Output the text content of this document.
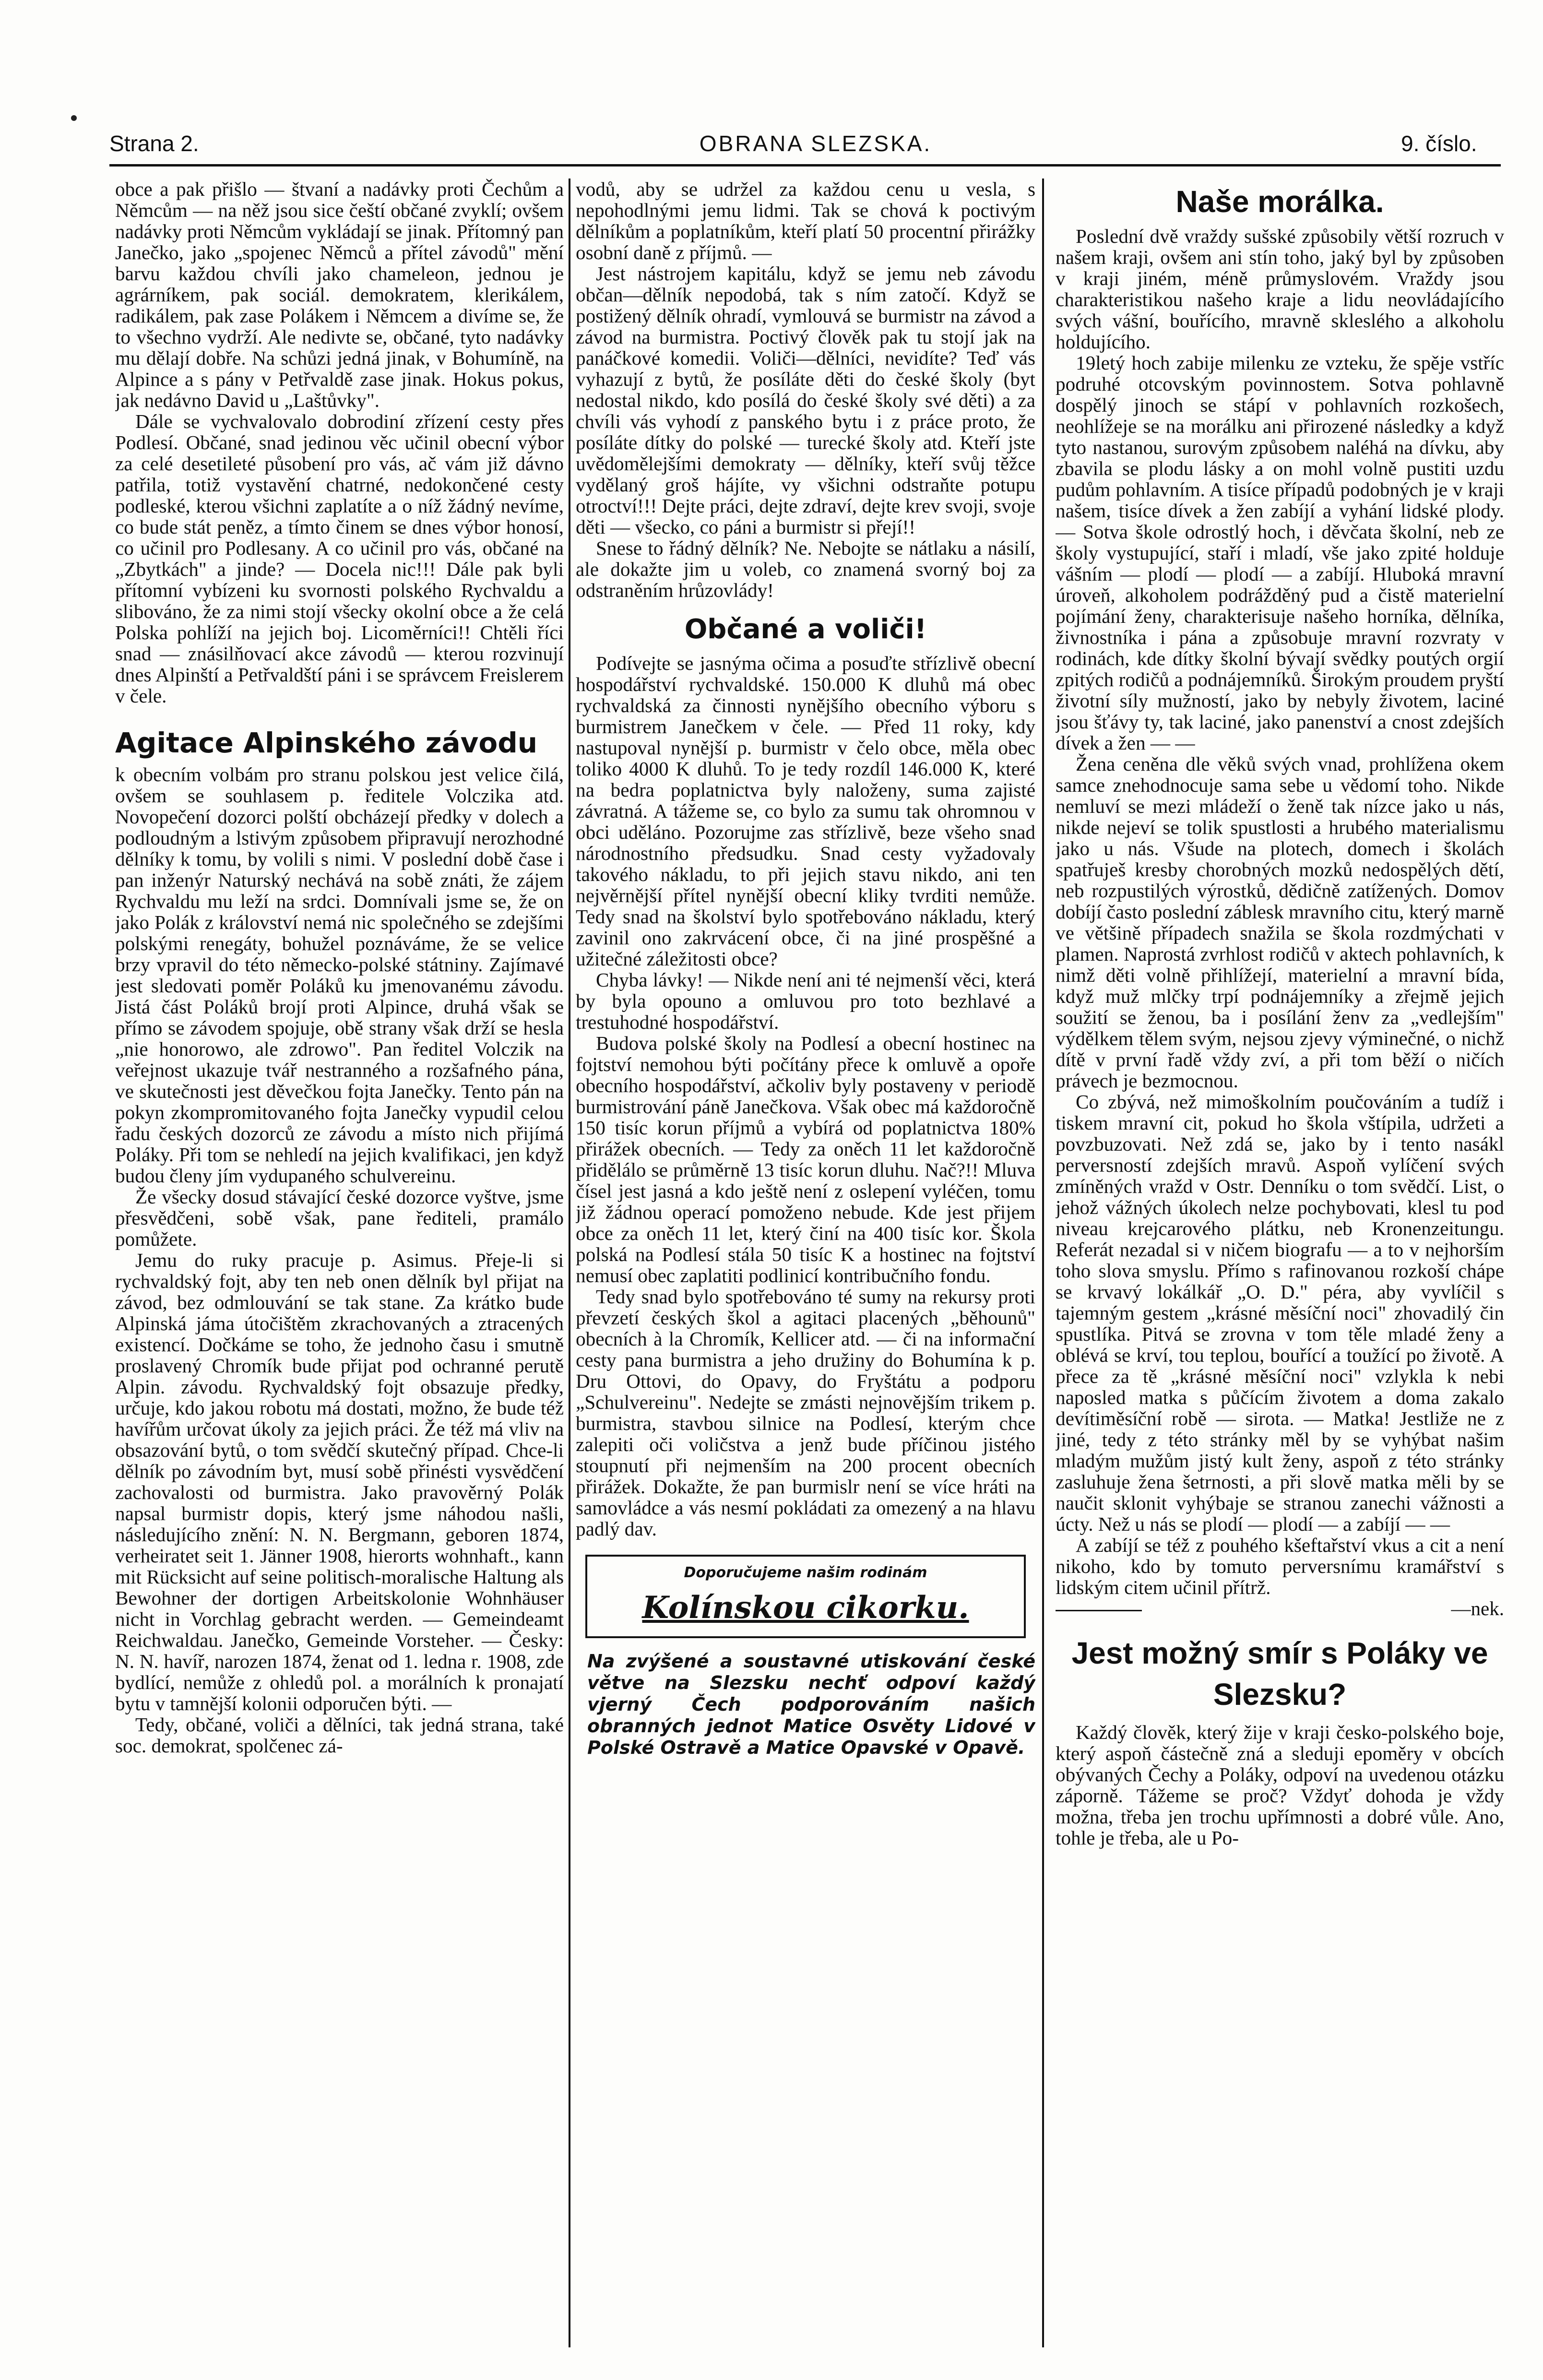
Strana 2.	OBRANA SLEZSKA.	9. číslo.

obce a pak přišlo — štvaní a nadávky proti Čechům a Němcům — na něž jsou sice čeští občané zvyklí; ovšem nadávky proti Němcům vykládají se jinak. Přítomný pan Janečko, jako „spojenec Němců a přítel závodů" mění barvu každou chvíli jako chameleon, jednou je agrárníkem, pak sociál. demokratem, klerikálem, radikálem, pak zase Polákem i Němcem a divíme se, že to všechno vydrží. Ale nedivte se, občané, tyto nadávky mu dělají dobře. Na schůzi jedná jinak, v Bohumíně, na Alpince a s pány v Petřvaldě zase jinak. Hokus pokus, jak nedávno David u „Laštůvky".

Dále se vychvalovalo dobrodiní zřízení cesty přes Podlesí. Občané, snad jedinou věc učinil obecní výbor za celé desetileté působení pro vás, ač vám již dávno patřila, totiž vystavění chatrné, nedokončené cesty podleské, kterou všichni zaplatíte a o níž žádný nevíme, co bude stát peněz, a tímto činem se dnes výbor honosí, co učinil pro Podlesany. A co učinil pro vás, občané na „Zbytkách" a jinde? — Docela nic!!! Dále pak byli přítomní vybízeni ku svornosti polského Rychvaldu a slibováno, že za nimi stojí všecky okolní obce a že celá Polska pohlíží na jejich boj. Licoměrníci!! Chtěli říci snad — znásilňovací akce závodů — kterou rozvinují dnes Alpinští a Petřvaldští páni i se správcem Freislerem v čele.

Agitace Alpinského závodu

k obecním volbám pro stranu polskou jest velice čilá, ovšem se souhlasem p. ředitele Volczika atd. Novopečení dozorci polští obcházejí předky v dolech a podloudným a lstivým způsobem připravují nerozhodné dělníky k tomu, by volili s nimi. V poslední době čase i pan inženýr Naturský nechává na sobě znáti, že zájem Rychvaldu mu leží na srdci. Domnívali jsme se, že on jako Polák z království nemá nic společného se zdejšími polskými renegáty, bohužel poznáváme, že se velice brzy vpravil do této německo-polské státniny. Zajímavé jest sledovati poměr Poláků ku jmenovanému závodu. Jistá část Poláků brojí proti Alpince, druhá však se přímo se závodem spojuje, obě strany však drží se hesla „nie honorowo, ale zdrowo". Pan ředitel Volczik na veřejnost ukazuje tvář nestranného a rozšafného pána, ve skutečnosti jest děvečkou fojta Janečky. Tento pán na pokyn zkompromitovaného fojta Janečky vypudil celou řadu českých dozorců ze závodu a místo nich přijímá Poláky. Při tom se nehledí na jejich kvalifikaci, jen když budou členy jím vydupaného schulvereinu.

Že všecky dosud stávající české dozorce vyštve, jsme přesvědčeni, sobě však, pane řediteli, pramálo pomůžete.

Jemu do ruky pracuje p. Asimus. Přeje-li si rychvaldský fojt, aby ten neb onen dělník byl přijat na závod, bez odmlouvání se tak stane. Za krátko bude Alpinská jáma útočištěm zkrachovaných a ztracených existencí. Dočkáme se toho, že jednoho času i smutně proslavený Chromík bude přijat pod ochranné perutě Alpin. závodu. Rychvaldský fojt obsazuje předky, určuje, kdo jakou robotu má dostati, možno, že bude též havířům určovat úkoly za jejich práci. Že též má vliv na obsazování bytů, o tom svědčí skutečný případ. Chce-li dělník po závodním byt, musí sobě přinésti vysvědčení zachovalosti od burmistra. Jako pravověrný Polák napsal burmistr dopis, který jsme náhodou našli, následujícího znění: N. N. Bergmann, geboren 1874, verheiratet seit 1. Jänner 1908, hierorts wohnhaft., kann mit Rücksicht auf seine politisch-moralische Haltung als Bewohner der dortigen Arbeitskolonie Wohnhäuser nicht in Vorchlag gebracht werden. — Gemeindeamt Reichwaldau. Janečko, Gemeinde Vorsteher. — Česky: N. N. havíř, narozen 1874, ženat od 1. ledna r. 1908, zde bydlící, nemůže z ohledů pol. a morálních k pronajatí bytu v tamnější kolonii odporučen býti. —

Tedy, občané, voliči a dělníci, tak jedná strana, také soc. demokrat, spolčenec zá-

vodů, aby se udržel za každou cenu u vesla, s nepohodlnými jemu lidmi. Tak se chová k poctivým dělníkům a poplatníkům, kteří platí 50 procentní přirážky osobní daně z příjmů. —

Jest nástrojem kapitálu, když se jemu neb závodu občan—dělník nepodobá, tak s ním zatočí. Když se postižený dělník ohradí, vymlouvá se burmistr na závod a závod na burmistra. Poctivý člověk pak tu stojí jak na panáčkové komedii. Voliči—dělníci, nevidíte? Teď vás vyhazují z bytů, že posíláte děti do české školy (byt nedostal nikdo, kdo posílá do české školy své děti) a za chvíli vás vyhodí z panského bytu i z práce proto, že posíláte dítky do polské — turecké školy atd. Kteří jste uvědomělejšími demokraty — dělníky, kteří svůj těžce vydělaný groš hájíte, vy všichni odstraňte potupu otroctví!!! Dejte práci, dejte zdraví, dejte krev svoji, svoje děti — všecko, co páni a burmistr si přejí!!

Snese to řádný dělník? Ne. Nebojte se nátlaku a násilí, ale dokažte jim u voleb, co znamená svorný boj za odstraněním hrůzovlády!

Občané a voliči!

Podívejte se jasnýma očima a posuďte střízlivě obecní hospodářství rychvaldské. 150.000 K dluhů má obec rychvaldská za činnosti nynějšího obecního výboru s burmistrem Janečkem v čele. — Před 11 roky, kdy nastupoval nynější p. burmistr v čelo obce, měla obec toliko 4000 K dluhů. To je tedy rozdíl 146.000 K, které na bedra poplatnictva byly naloženy, suma zajisté závratná. A tážeme se, co bylo za sumu tak ohromnou v obci uděláno. Pozorujme zas střízlivě, beze všeho snad národnostního předsudku. Snad cesty vyžadovaly takového nákladu, to při jejich stavu nikdo, ani ten nejvěrnější přítel nynější obecní kliky tvrditi nemůže. Tedy snad na školství bylo spotřebováno nákladu, který zavinil ono zakrvácení obce, či na jiné prospěšné a užitečné záležitosti obce?

Chyba lávky! — Nikde není ani té nejmenší věci, která by byla opouno a omluvou pro toto bezhlavé a trestuhodné hospodářství.

Budova polské školy na Podlesí a obecní hostinec na fojtství nemohou býti počítány přece k omluvě a opoře obecního hospodářství, ačkoliv byly postaveny v periodě burmistrování páně Janečkova. Však obec má každoročně 150 tisíc korun příjmů a vybírá od poplatnictva 180% přirážek obecních. — Tedy za oněch 11 let každoročně přidělálo se průměrně 13 tisíc korun dluhu. Nač?!! Mluva čísel jest jasná a kdo ještě není z oslepení vyléčen, tomu již žádnou operací pomoženo nebude. Kde jest přijem obce za oněch 11 let, který činí na 400 tisíc kor. Škola polská na Podlesí stála 50 tisíc K a hostinec na fojtství nemusí obec zaplatiti podlinicí kontribučního fondu.

Tedy snad bylo spotřebováno té sumy na rekursy proti převzetí českých škol a agitaci placených „běhounů" obecních à la Chromík, Kellicer atd. — či na informační cesty pana burmistra a jeho družiny do Bohumína k p. Dru Ottovi, do Opavy, do Fryštátu a podporu „Schulvereinu". Nedejte se zmásti nejnovějším trikem p. burmistra, stavbou silnice na Podlesí, kterým chce zalepiti oči voličstva a jenž bude příčinou jistého stoupnutí při nejmenším na 200 procent obecních přirážek. Dokažte, že pan burmislr není se více hráti na samovládce a vás nesmí pokládati za omezený a na hlavu padlý dav.

Doporučujeme našim rodinám
Kolínskou cikorku.
Na zvýšené a soustavné utiskování české větve na Slezsku nechť odpoví každý vjerný Čech podporováním našich obranných jednot Matice Osvěty Lidové v Polské Ostravě a Matice Opavské v Opavě.
Naše morálka.

Poslední dvě vraždy sušské způsobily větší rozruch v našem kraji, ovšem ani stín toho, jaký byl by způsoben v kraji jiném, méně průmyslovém. Vraždy jsou charakteristikou našeho kraje a lidu neovládajícího svých vášní, bouřícího, mravně skleslého a alkoholu holdujícího.

19letý hoch zabije milenku ze vzteku, že spěje vstříc podruhé otcovským povinnostem. Sotva pohlavně dospělý jinoch se stápí v pohlavních rozkošech, neohlížeje se na morálku ani přirozené následky a když tyto nastanou, surovým způsobem naléhá na dívku, aby zbavila se plodu lásky a on mohl volně pustiti uzdu pudům pohlavním. A tisíce případů podobných je v kraji našem, tisíce dívek a žen zabíjí a vyhání lidské plody. — Sotva škole odrostlý hoch, i děvčata školní, neb ze školy vystupující, staří i mladí, vše jako zpité holduje vášním — plodí — plodí — a zabíjí. Hluboká mravní úroveň, alkoholem podrážděný pud a čistě materielní pojímání ženy, charakterisuje našeho horníka, dělníka, živnostníka i pána a způsobuje mravní rozvraty v rodinách, kde dítky školní bývají svědky poutých orgií zpitých rodičů a podnájemníků. Širokým proudem pryští životní síly mužností, jako by nebyly životem, laciné jsou šťávy ty, tak laciné, jako panenství a cnost zdejších dívek a žen — —

Žena ceněna dle věků svých vnad, prohlížena okem samce znehodnocuje sama sebe u vědomí toho. Nikde nemluví se mezi mládeží o ženě tak nízce jako u nás, nikde nejeví se tolik spustlosti a hrubého materialismu jako u nás. Všude na plotech, domech i školách spatřuješ kresby chorobných mozků nedospělých dětí, neb rozpustilých výrostků, dědičně zatížených. Domov dobíjí často poslední záblesk mravního citu, který marně ve většině případech snažila se škola rozdmýchati v plamen. Naprostá zvrhlost rodičů v aktech pohlavních, k nimž děti volně přihlížejí, materielní a mravní bída, když muž mlčky trpí podnájemníky a zřejmě jejich soužití se ženou, ba i posílání ženv za „vedlejším" výdělkem tělem svým, nejsou zjevy výminečné, o nichž dítě v první řadě vždy zví, a při tom běží o ničích právech je bezmocnou.

Co zbývá, než mimoškolním poučováním a tudíž i tiskem mravní cit, pokud ho škola vštípila, udržeti a povzbuzovati. Než zdá se, jako by i tento nasákl perversností zdejších mravů. Aspoň vylíčení svých zmíněných vražd v Ostr. Denníku o tom svědčí. List, o jehož vážných úkolech nelze pochybovati, klesl tu pod niveau krejcarového plátku, neb Kronenzeitungu. Referát nezadal si v ničem biografu — a to v nejhorším toho slova smyslu. Přímo s rafinovanou rozkoší chápe se krvavý lokálkář „O. D." péra, aby vyvlíčil s tajemným gestem „krásné měsíční noci" zhovadilý čin spustlíka. Pitvá se zrovna v tom těle mladé ženy a oblévá se krví, tou teplou, bouřící a toužící po životě. A přece za tě „krásné měsíční noci" vzlykla k nebi naposled matka s půčícím životem a doma zakalo devítiměsíční robě — sirota. — Matka! Jestliže ne z jiné, tedy z této stránky měl by se vyhýbat našim mladým mužům jistý kult ženy, aspoň z této stránky zasluhuje žena šetrnosti, a při slově matka měli by se naučit sklonit vyhýbaje se stranou zanechi vážnosti a úcty. Než u nás se plodí — plodí — a zabíjí — —

A zabíjí se též z pouhého kšeftařství vkus a cit a není nikoho, kdo by tomuto perversnímu kramářství s lidským citem učinil přítrž.

—nek.
Jest možný smír s Poláky ve Slezsku?

Každý člověk, který žije v kraji česko-polského boje, který aspoň částečně zná a sleduji epoměry v obcích obývaných Čechy a Poláky, odpoví na uvedenou otázku záporně. Tážeme se proč? Vždyť dohoda je vždy možna, třeba jen trochu upřímnosti a dobré vůle. Ano, tohle je třeba, ale u Po-
